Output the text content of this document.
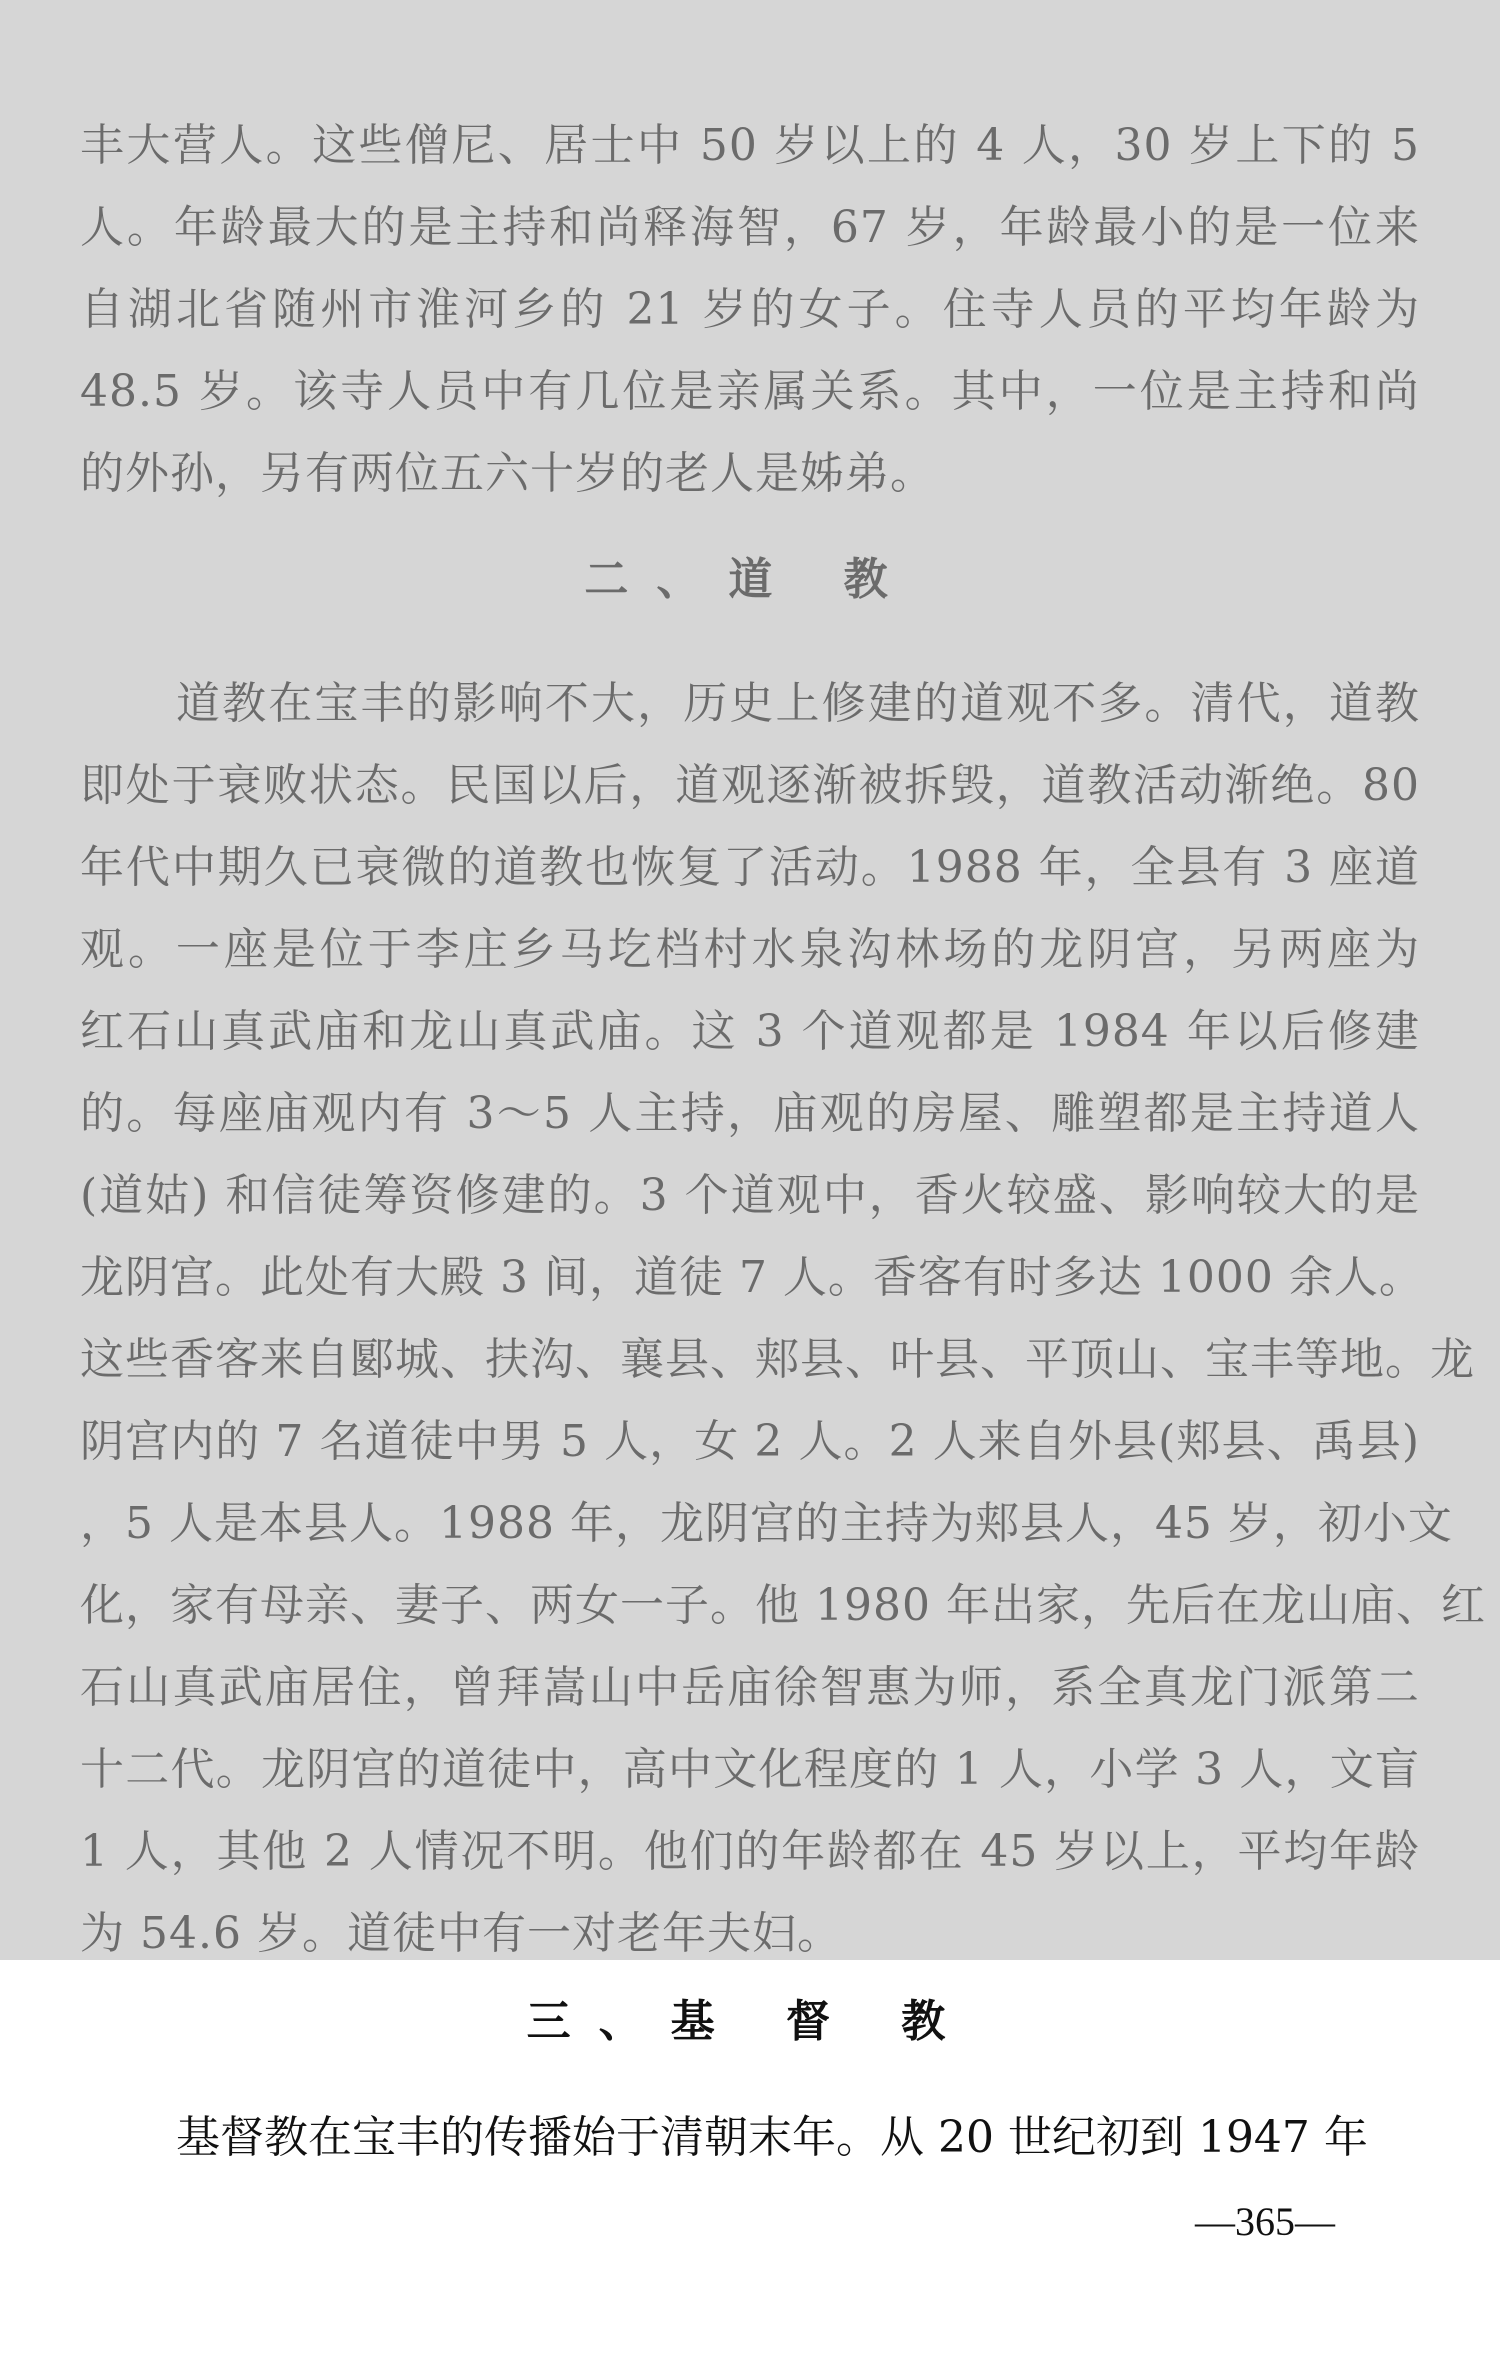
丰大营人。这些僧尼、居士中 50 岁以上的 4 人，30 岁上下的 5
人。年龄最大的是主持和尚释海智，67 岁，年龄最小的是一位来
自湖北省随州市淮河乡的 21 岁的女子。住寺人员的平均年龄为
48.5 岁。该寺人员中有几位是亲属关系。其中，一位是主持和尚
的外孙，另有两位五六十岁的老人是姊弟。
二、道 教
道教在宝丰的影响不大，历史上修建的道观不多。清代，道教
即处于衰败状态。民国以后，道观逐渐被拆毁，道教活动渐绝。80
年代中期久已衰微的道教也恢复了活动。1988 年，全县有 3 座道
观。一座是位于李庄乡马圪档村水泉沟林场的龙阴宫，另两座为
红石山真武庙和龙山真武庙。这 3 个道观都是 1984 年以后修建
的。每座庙观内有 3～5 人主持，庙观的房屋、雕塑都是主持道人
(道姑) 和信徒筹资修建的。3 个道观中，香火较盛、影响较大的是
龙阴宫。此处有大殿 3 间，道徒 7 人。香客有时多达 1000 余人。
这些香客来自郾城、扶沟、襄县、郏县、叶县、平顶山、宝丰等地。龙
阴宫内的 7 名道徒中男 5 人，女 2 人。2 人来自外县(郏县、禹县)
，5 人是本县人。1988 年，龙阴宫的主持为郏县人，45 岁，初小文
化，家有母亲、妻子、两女一子。他 1980 年出家，先后在龙山庙、红
石山真武庙居住，曾拜嵩山中岳庙徐智惠为师，系全真龙门派第二
十二代。龙阴宫的道徒中，高中文化程度的 1 人，小学 3 人，文盲
1 人，其他 2 人情况不明。他们的年龄都在 45 岁以上，平均年龄
为 54.6 岁。道徒中有一对老年夫妇。
三、基 督 教

基督教在宝丰的传播始于清朝末年。从 20 世纪初到 1947 年

—365—
